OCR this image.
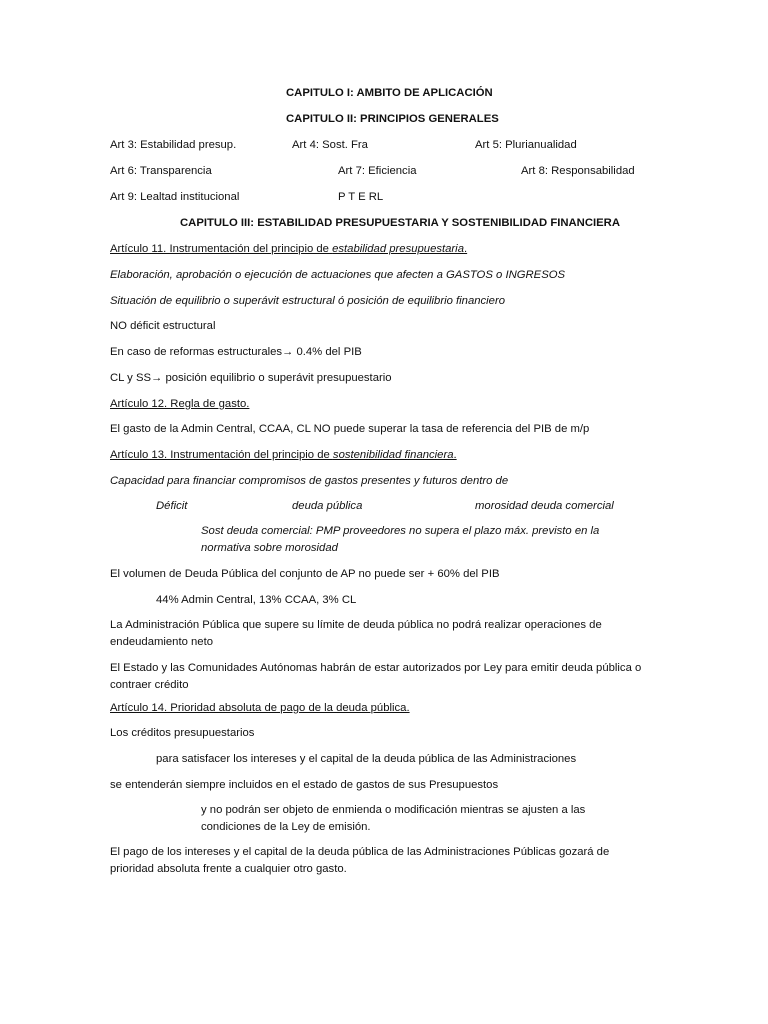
CAPITULO I: AMBITO DE APLICACIÓN
CAPITULO II: PRINCIPIOS GENERALES
Art 3: Estabilidad presup.	Art 4: Sost. Fra	Art 5: Plurianualidad
Art 6: Transparencia	Art 7: Eficiencia	Art 8: Responsabilidad
Art 9: Lealtad institucional	P T E RL
CAPITULO III: ESTABILIDAD PRESUPUESTARIA Y SOSTENIBILIDAD FINANCIERA
Artículo 11. Instrumentación del principio de estabilidad presupuestaria.
Elaboración, aprobación o ejecución de actuaciones que afecten a GASTOS o INGRESOS
Situación de equilibrio o superávit estructural ó posición de equilibrio financiero
NO déficit estructural
En caso de reformas estructurales→ 0.4% del PIB
CL y SS→ posición equilibrio o superávit presupuestario
Artículo 12. Regla de gasto.
El gasto de la Admin Central, CCAA, CL NO puede superar la tasa de referencia del PIB de m/p
Artículo 13. Instrumentación del principio de sostenibilidad financiera.
Capacidad para financiar compromisos de gastos presentes y futuros dentro de
Déficit	deuda pública	morosidad deuda comercial
Sost deuda comercial: PMP proveedores no supera el plazo máx. previsto en la normativa sobre morosidad
El volumen de Deuda Pública del conjunto de AP no puede ser + 60% del PIB
44% Admin Central, 13% CCAA, 3% CL
La Administración Pública que supere su límite de deuda pública no podrá realizar operaciones de endeudamiento neto
El Estado y las Comunidades Autónomas habrán de estar autorizados por Ley para emitir deuda pública o contraer crédito
Artículo 14. Prioridad absoluta de pago de la deuda pública.
Los créditos presupuestarios
para satisfacer los intereses y el capital de la deuda pública de las Administraciones
se entenderán siempre incluidos en el estado de gastos de sus Presupuestos
y no podrán ser objeto de enmienda o modificación mientras se ajusten a las condiciones de la Ley de emisión.
El pago de los intereses y el capital de la deuda pública de las Administraciones Públicas gozará de prioridad absoluta frente a cualquier otro gasto.
